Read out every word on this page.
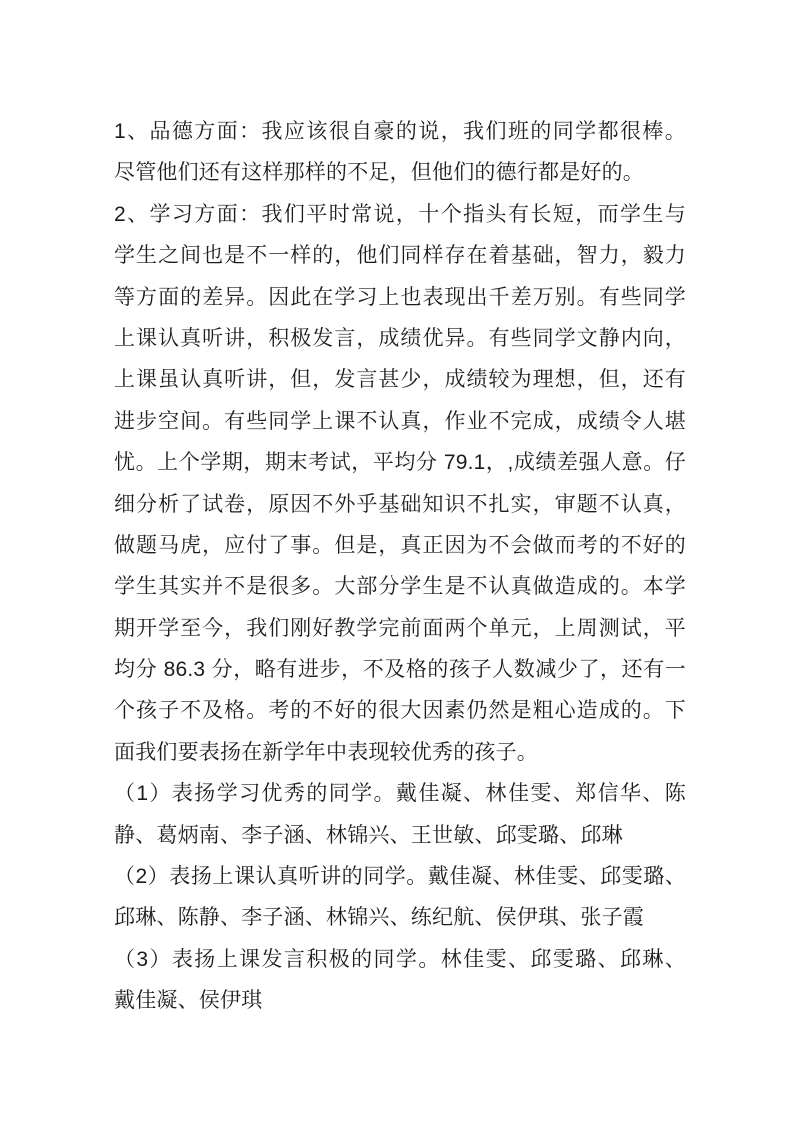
1、品德方面：我应该很自豪的说，我们班的同学都很棒。
尽管他们还有这样那样的不足，但他们的德行都是好的。
2、学习方面：我们平时常说，十个指头有长短，而学生与
学生之间也是不一样的，他们同样存在着基础，智力，毅力
等方面的差异。因此在学习上也表现出千差万别。有些同学
上课认真听讲，积极发言，成绩优异。有些同学文静内向，
上课虽认真听讲，但，发言甚少，成绩较为理想，但，还有
进步空间。有些同学上课不认真，作业不完成，成绩令人堪
忧。上个学期，期末考试，平均分 79.1，,成绩差强人意。仔
细分析了试卷，原因不外乎基础知识不扎实，审题不认真，
做题马虎，应付了事。但是，真正因为不会做而考的不好的
学生其实并不是很多。大部分学生是不认真做造成的。本学
期开学至今，我们刚好教学完前面两个单元，上周测试，平
均分 86.3 分，略有进步，不及格的孩子人数减少了，还有一
个孩子不及格。考的不好的很大因素仍然是粗心造成的。下
面我们要表扬在新学年中表现较优秀的孩子。
（1）表扬学习优秀的同学。戴佳凝、林佳雯、郑信华、陈
静、葛炳南、李子涵、林锦兴、王世敏、邱雯璐、邱琳
（2）表扬上课认真听讲的同学。戴佳凝、林佳雯、邱雯璐、
邱琳、陈静、李子涵、林锦兴、练纪航、侯伊琪、张子霞
（3）表扬上课发言积极的同学。林佳雯、邱雯璐、邱琳、
戴佳凝、侯伊琪
